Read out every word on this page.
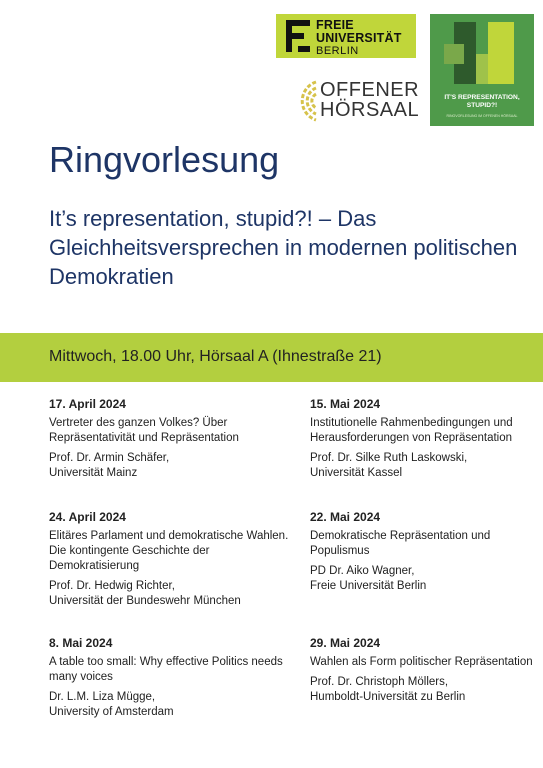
FREIE
UNIVERSITÄT
BERLIN
OFFENER
HÖRSAAL
IT'S REPRESENTATION,
STUPID?!
RINGVORLESUNG IM OFFENEN HÖRSAAL
Ringvorlesung
It’s representation, stupid?! – Das Gleichheitsversprechen in modernen politischen Demokratien
Mittwoch, 18.00 Uhr, Hörsaal A (Ihnestraße 21)
17. April 2024
Vertreter des ganzen Volkes? Über Repräsentativität und Repräsentation
Prof. Dr. Armin Schäfer,
Universität Mainz
24. April 2024
Elitäres Parlament und demokratische Wahlen. Die kontingente Geschichte der Demokratisierung
Prof. Dr. Hedwig Richter,
Universität der Bundeswehr München
8. Mai 2024
A table too small: Why effective Politics needs many voices
Dr. L.M. Liza Mügge,
University of Amsterdam
15. Mai 2024
Institutionelle Rahmenbedingungen und Herausforderungen von Repräsentation
Prof. Dr. Silke Ruth Laskowski,
Universität Kassel
22. Mai 2024
Demokratische Repräsentation und Populismus
PD Dr. Aiko Wagner,
Freie Universität Berlin
29. Mai 2024
Wahlen als Form politischer Repräsentation
Prof. Dr. Christoph Möllers,
Humboldt-Universität zu Berlin
